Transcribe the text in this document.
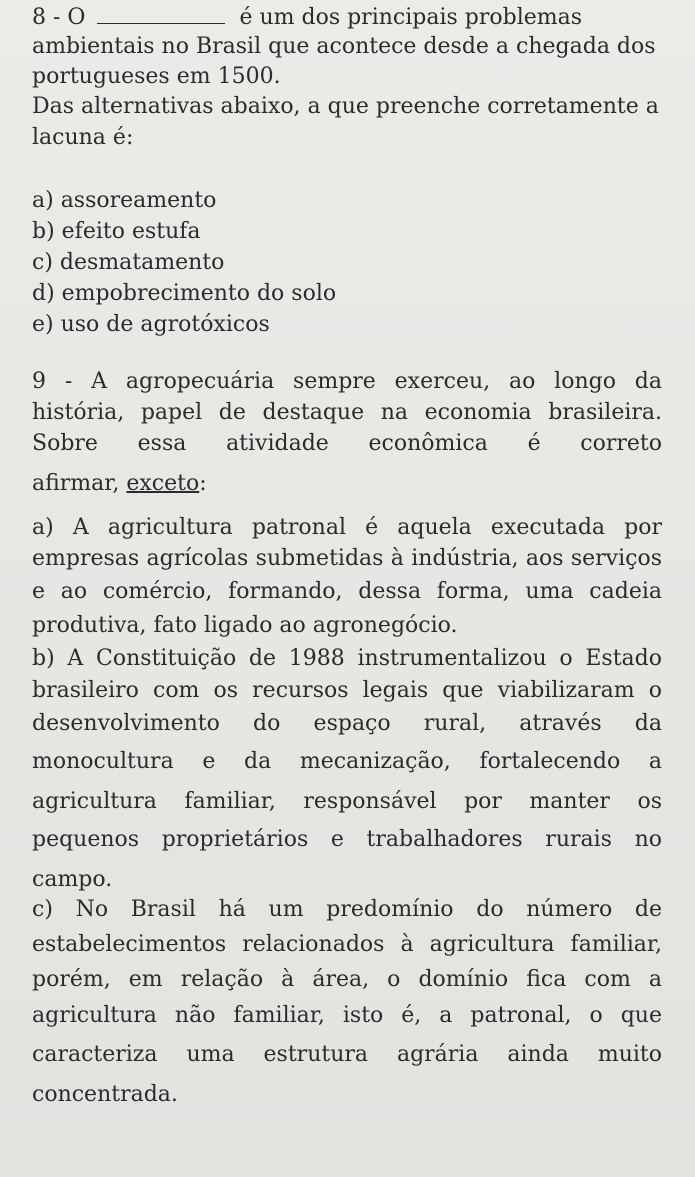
8 - O	é um dos principais problemas
ambientais no Brasil que acontece desde a chegada dos
portugueses em 1500.
Das alternativas abaixo, a que preenche corretamente a
lacuna é:
a) assoreamento
b) efeito estufa
c) desmatamento
d) empobrecimento do solo
e) uso de agrotóxicos
9 - A agropecuária sempre exerceu, ao longo da
história, papel de destaque na economia brasileira.
Sobre essa atividade econômica é correto
afirmar, exceto:
a) A agricultura patronal é aquela executada por
empresas agrícolas submetidas à indústria, aos serviços
e ao comércio, formando, dessa forma, uma cadeia
produtiva, fato ligado ao agronegócio.
b) A Constituição de 1988 instrumentalizou o Estado
brasileiro com os recursos legais que viabilizaram o
desenvolvimento do espaço rural, através da
monocultura e da mecanização, fortalecendo a
agricultura familiar, responsável por manter os
pequenos proprietários e trabalhadores rurais no
campo.
c) No Brasil há um predomínio do número de
estabelecimentos relacionados à agricultura familiar,
porém, em relação à área, o domínio fica com a
agricultura não familiar, isto é, a patronal, o que
caracteriza uma estrutura agrária ainda muito
concentrada.
